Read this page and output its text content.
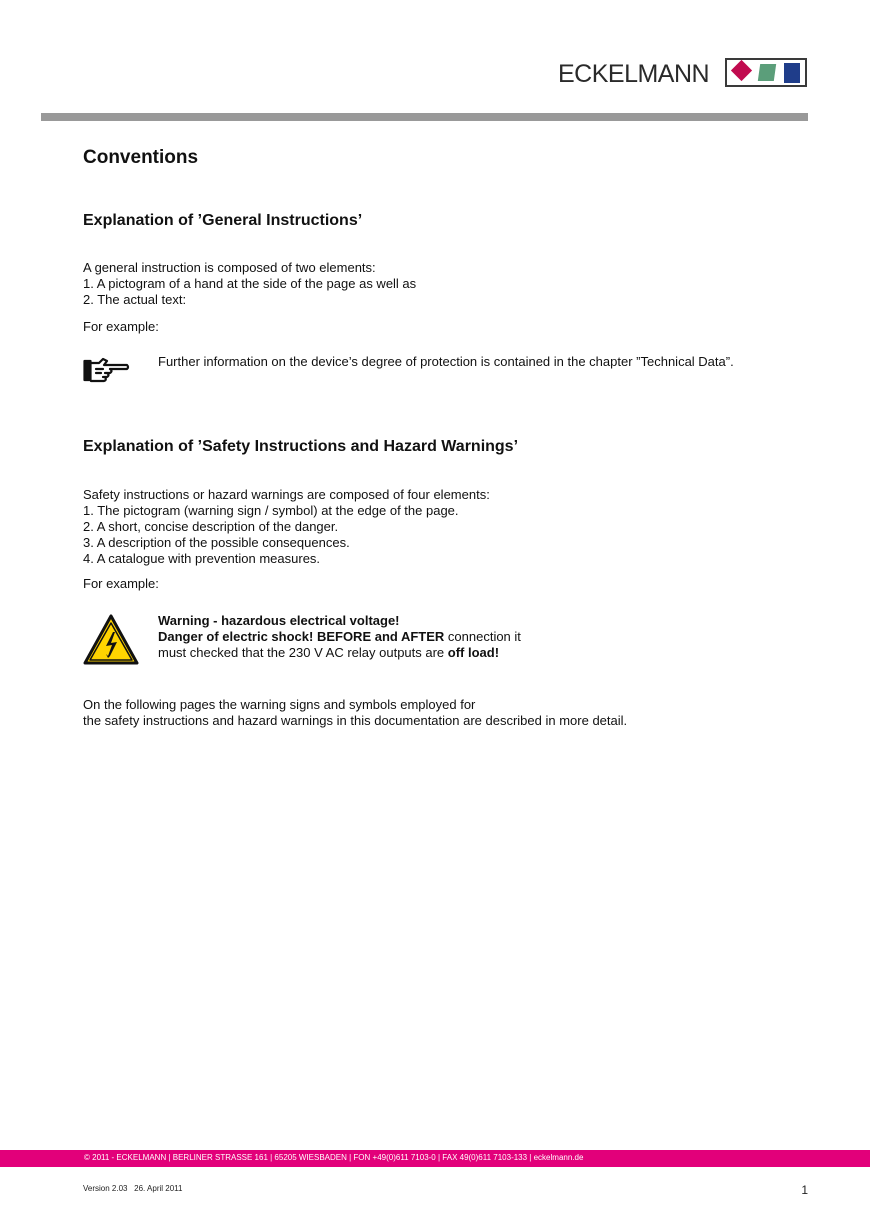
ECKELMANN
Conventions
Explanation of ’General Instructions’
A general instruction is composed of two elements:
1. A pictogram of a hand at the side of the page as well as
2. The actual text:
For example:
Further information on the device’s degree of protection is contained in the chapter ”Technical Data”.
Explanation of ’Safety Instructions and Hazard Warnings’
Safety instructions or hazard warnings are composed of four elements:
1. The pictogram (warning sign / symbol) at the edge of the page.
2. A short, concise description of the danger.
3. A description of the possible consequences.
4. A catalogue with prevention measures.
For example:
Warning - hazardous electrical voltage!
Danger of electric shock! BEFORE and AFTER connection it
must checked that the 230 V AC relay outputs are off load!
On the following pages the warning signs and symbols employed for
the safety instructions and hazard warnings in this documentation are described in more detail.
© 2011 - ECKELMANN | BERLINER STRASSE 161 | 65205 WIESBADEN | FON +49(0)611 7103-0 | FAX 49(0)611 7103-133 | eckelmann.de
Version 2.03   26. April 2011	1
